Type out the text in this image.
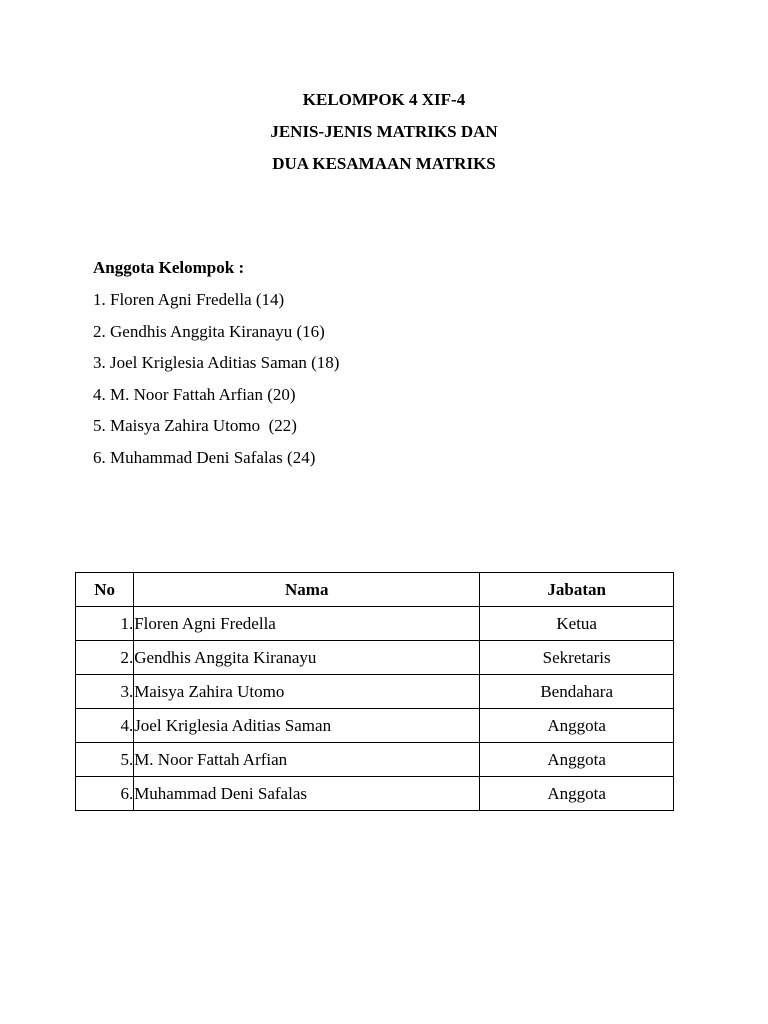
KELOMPOK 4 XIF-4
JENIS-JENIS MATRIKS DAN
DUA KESAMAAN MATRIKS
Anggota Kelompok :
1. Floren Agni Fredella (14)
2. Gendhis Anggita Kiranayu (16)
3. Joel Kriglesia Aditias Saman (18)
4. M. Noor Fattah Arfian (20)
5. Maisya Zahira Utomo  (22)
6. Muhammad Deni Safalas (24)
No	Nama	Jabatan
1.	Floren Agni Fredella	Ketua
2.	Gendhis Anggita Kiranayu	Sekretaris
3.	Maisya Zahira Utomo	Bendahara
4.	Joel Kriglesia Aditias Saman	Anggota
5.	M. Noor Fattah Arfian	Anggota
6.	Muhammad Deni Safalas	Anggota
